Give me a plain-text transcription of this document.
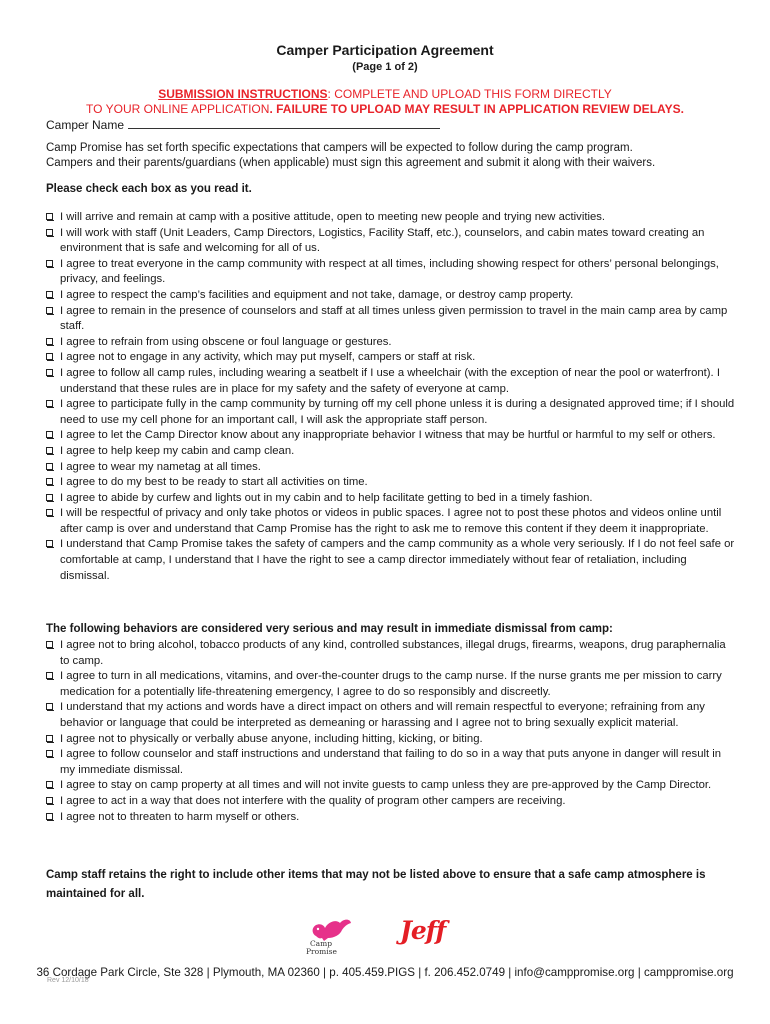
Camper Participation Agreement
(Page 1 of 2)
SUBMISSION INSTRUCTIONS: COMPLETE AND UPLOAD THIS FORM DIRECTLY
TO YOUR ONLINE APPLICATION. FAILURE TO UPLOAD MAY RESULT IN APPLICATION REVIEW DELAYS.
Camper Name
Camp Promise has set forth specific expectations that campers will be expected to follow during the camp program.
Campers and their parents/guardians (when applicable) must sign this agreement and submit it along with their waivers.
Please check each box as you read it.
I will arrive and remain at camp with a positive attitude, open to meeting new people and trying new activities.
I will work with staff (Unit Leaders, Camp Directors, Logistics, Facility Staff, etc.), counselors, and cabin mates toward creating an environment that is safe and welcoming for all of us.
I agree to treat everyone in the camp community with respect at all times, including showing respect for others’ personal belongings, privacy, and feelings.
I agree to respect the camp’s facilities and equipment and not take, damage, or destroy camp property.
I agree to remain in the presence of counselors and staff at all times unless given permission to travel in the main camp area by camp staff.
I agree to refrain from using obscene or foul language or gestures.
I agree not to engage in any activity, which may put myself, campers or staff at risk.
I agree to follow all camp rules, including wearing a seatbelt if I use a wheelchair (with the exception of near the pool or waterfront). I understand that these rules are in place for my safety and the safety of everyone at camp.
I agree to participate fully in the camp community by turning off my cell phone unless it is during a designated approved time; if I should need to use my cell phone for an important call, I will ask the appropriate staff person.
I agree to let the Camp Director know about any inappropriate behavior I witness that may be hurtful or harmful to my self or others.
I agree to help keep my cabin and camp clean.
I agree to wear my nametag at all times.
I agree to do my best to be ready to start all activities on time.
I agree to abide by curfew and lights out in my cabin and to help facilitate getting to bed in a timely fashion.
I will be respectful of privacy and only take photos or videos in public spaces. I agree not to post these photos and videos online until after camp is over and understand that Camp Promise has the right to ask me to remove this content if they deem it inappropriate.
I understand that Camp Promise takes the safety of campers and the camp community as a whole very seriously. If I do not feel safe or comfortable at camp, I understand that I have the right to see a camp director immediately without fear of retaliation, including dismissal.
The following behaviors are considered very serious and may result in immediate dismissal from camp:
I agree not to bring alcohol, tobacco products of any kind, controlled substances, illegal drugs, firearms, weapons, drug paraphernalia to camp.
I agree to turn in all medications, vitamins, and over-the-counter drugs to the camp nurse. If the nurse grants me per mission to carry medication for a potentially life-threatening emergency, I agree to do so responsibly and discreetly.
I understand that my actions and words have a direct impact on others and will remain respectful to everyone; refraining from any behavior or language that could be interpreted as demeaning or harassing and I agree not to bring sexually explicit material.
I agree not to physically or verbally abuse anyone, including hitting, kicking, or biting.
I agree to follow counselor and staff instructions and understand that failing to do so in a way that puts anyone in danger will result in my immediate dismissal.
I agree to stay on camp property at all times and will not invite guests to camp unless they are pre-approved by the Camp Director.
I agree to act in a way that does not interfere with the quality of program other campers are receiving.
I agree not to threaten to harm myself or others.
Camp staff retains the right to include other items that may not be listed above to ensure that a safe camp atmosphere is maintained for all.
Camp Promise
Jeff
36 Cordage Park Circle, Ste 328 | Plymouth, MA 02360 | p. 405.459.PIGS | f. 206.452.0749 | info@camppromise.org | camppromise.org
Rev 12/10/18
